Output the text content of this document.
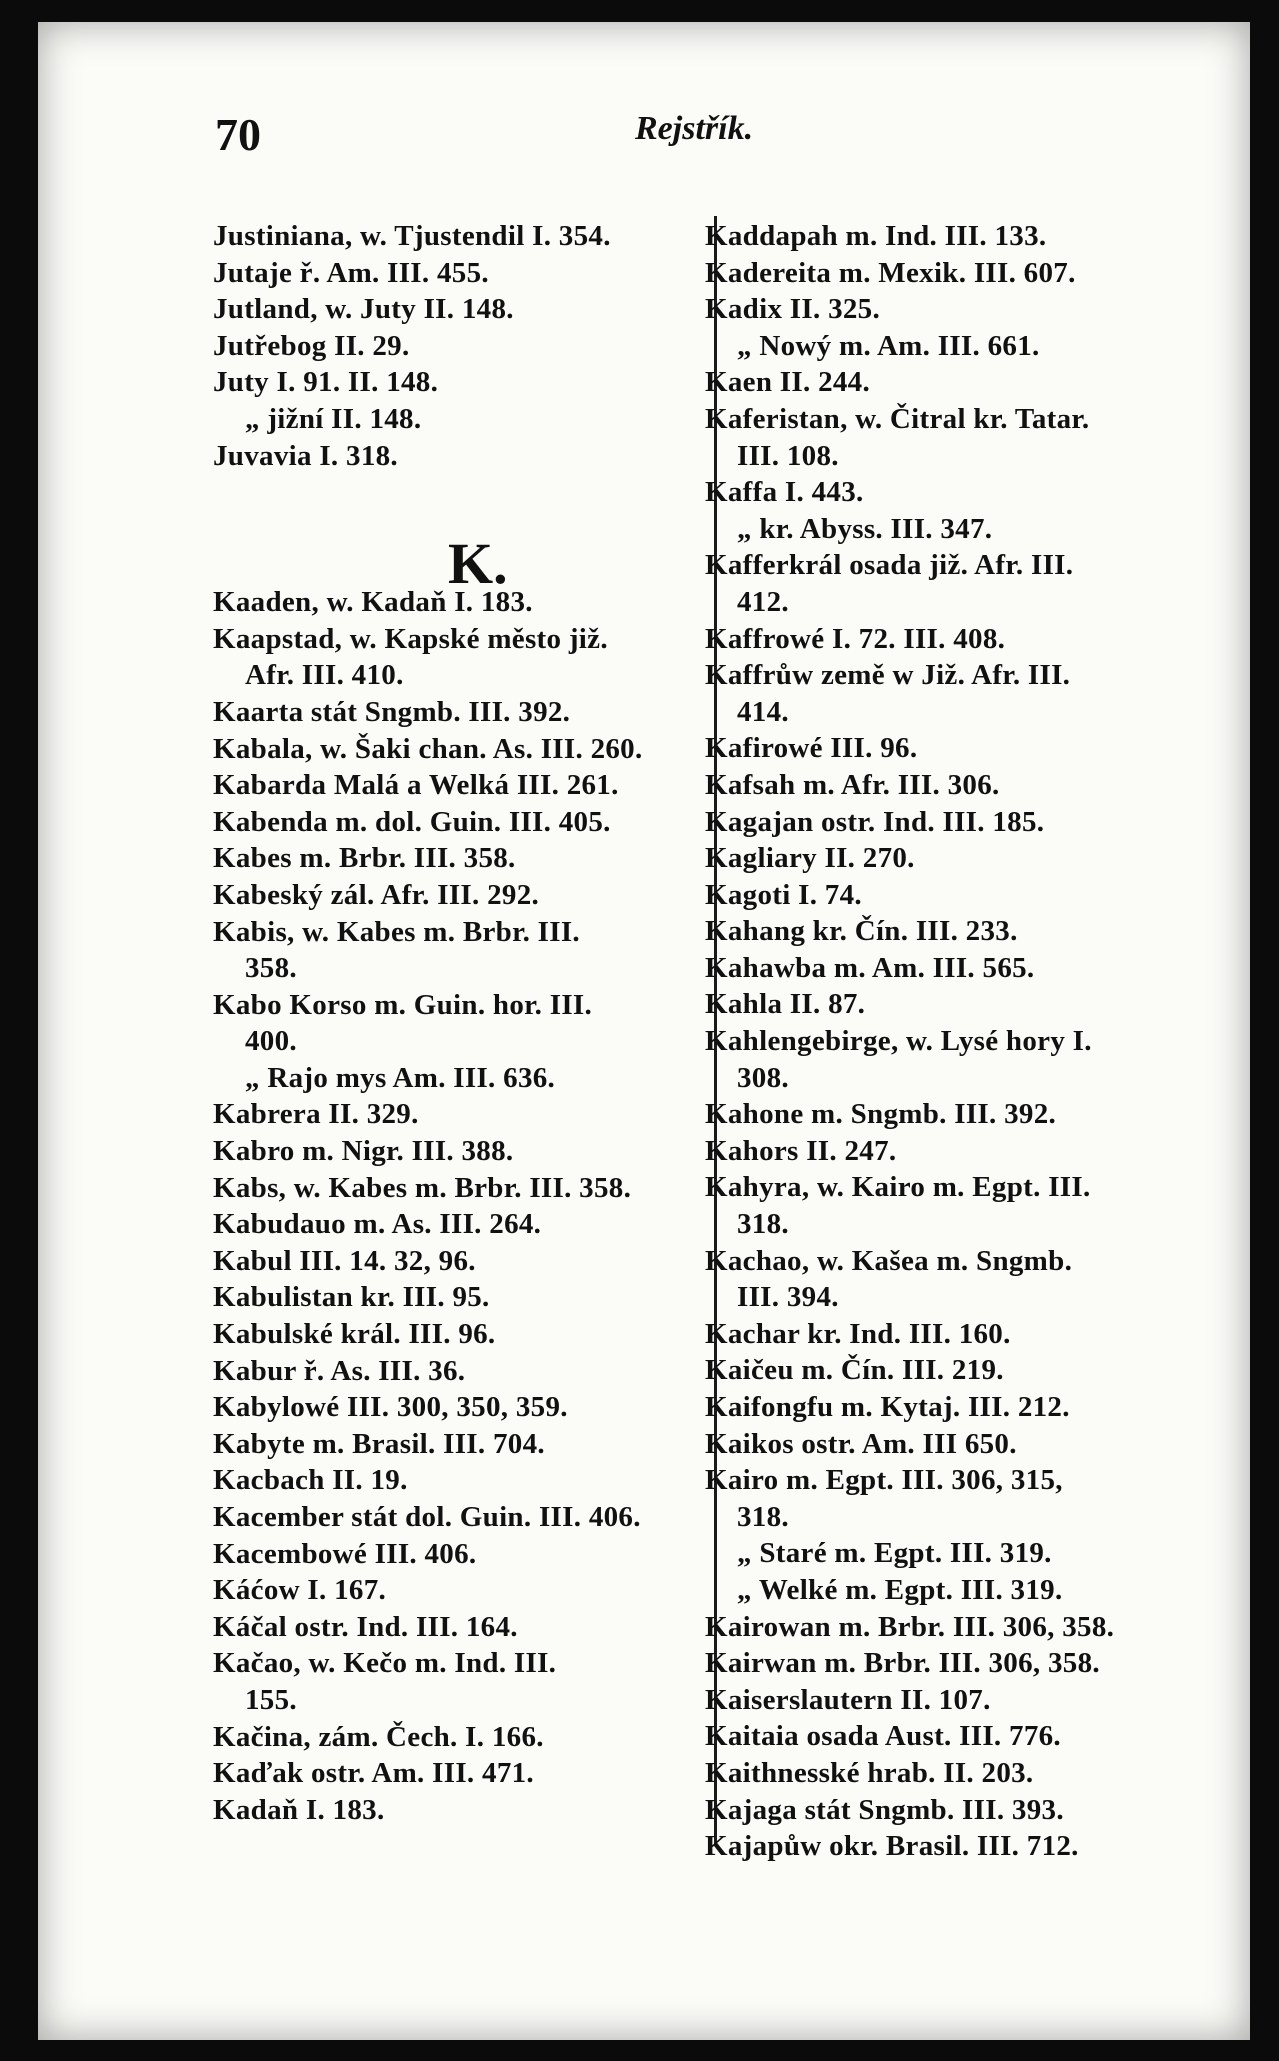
70	Rejstřík.
Justiniana, w. Tjustendil I. 354.
Jutaje ř. Am. III. 455.
Jutland, w. Juty II. 148.
Jutřebog II. 29.
Juty I. 91. II. 148.
„ jižní II. 148.
Juvavia I. 318.
Kaaden, w. Kadaň I. 183.
Kaapstad, w. Kapské město již.
Afr. III. 410.
Kaarta stát Sngmb. III. 392.
Kabala, w. Šaki chan. As. III. 260.
Kabarda Malá a Welká III. 261.
Kabenda m. dol. Guin. III. 405.
Kabes m. Brbr. III. 358.
Kabeský zál. Afr. III. 292.
Kabis, w. Kabes m. Brbr. III.
358.
Kabo Korso m. Guin. hor. III.
400.
„ Rajo mys Am. III. 636.
Kabrera II. 329.
Kabro m. Nigr. III. 388.
Kabs, w. Kabes m. Brbr. III. 358.
Kabudauo m. As. III. 264.
Kabul III. 14. 32, 96.
Kabulistan kr. III. 95.
Kabulské král. III. 96.
Kabur ř. As. III. 36.
Kabylowé III. 300, 350, 359.
Kabyte m. Brasil. III. 704.
Kacbach II. 19.
Kacember stát dol. Guin. III. 406.
Kacembowé III. 406.
Káćow I. 167.
Káčal ostr. Ind. III. 164.
Kačao, w. Kečo m. Ind. III.
155.
Kačina, zám. Čech. I. 166.
Kaďak ostr. Am. III. 471.
Kadaň I. 183.
K.
Kaddapah m. Ind. III. 133.
Kadereita m. Mexik. III. 607.
Kadix II. 325.
„ Nowý m. Am. III. 661.
Kaen II. 244.
Kaferistan, w. Čitral kr. Tatar.
III. 108.
Kaffa I. 443.
„ kr. Abyss. III. 347.
Kafferkrál osada již. Afr. III.
412.
Kaffrowé I. 72. III. 408.
Kaffrůw země w Již. Afr. III.
414.
Kafirowé III. 96.
Kafsah m. Afr. III. 306.
Kagajan ostr. Ind. III. 185.
Kagliary II. 270.
Kagoti I. 74.
Kahang kr. Čín. III. 233.
Kahawba m. Am. III. 565.
Kahla II. 87.
Kahlengebirge, w. Lysé hory I.
308.
Kahone m. Sngmb. III. 392.
Kahors II. 247.
Kahyra, w. Kairo m. Egpt. III.
318.
Kachao, w. Kašea m. Sngmb.
III. 394.
Kachar kr. Ind. III. 160.
Kaičeu m. Čín. III. 219.
Kaifongfu m. Kytaj. III. 212.
Kaikos ostr. Am. III 650.
Kairo m. Egpt. III. 306, 315,
318.
„ Staré m. Egpt. III. 319.
„ Welké m. Egpt. III. 319.
Kairowan m. Brbr. III. 306, 358.
Kairwan m. Brbr. III. 306, 358.
Kaiserslautern II. 107.
Kaitaia osada Aust. III. 776.
Kaithnesské hrab. II. 203.
Kajaga stát Sngmb. III. 393.
Kajapůw okr. Brasil. III. 712.
